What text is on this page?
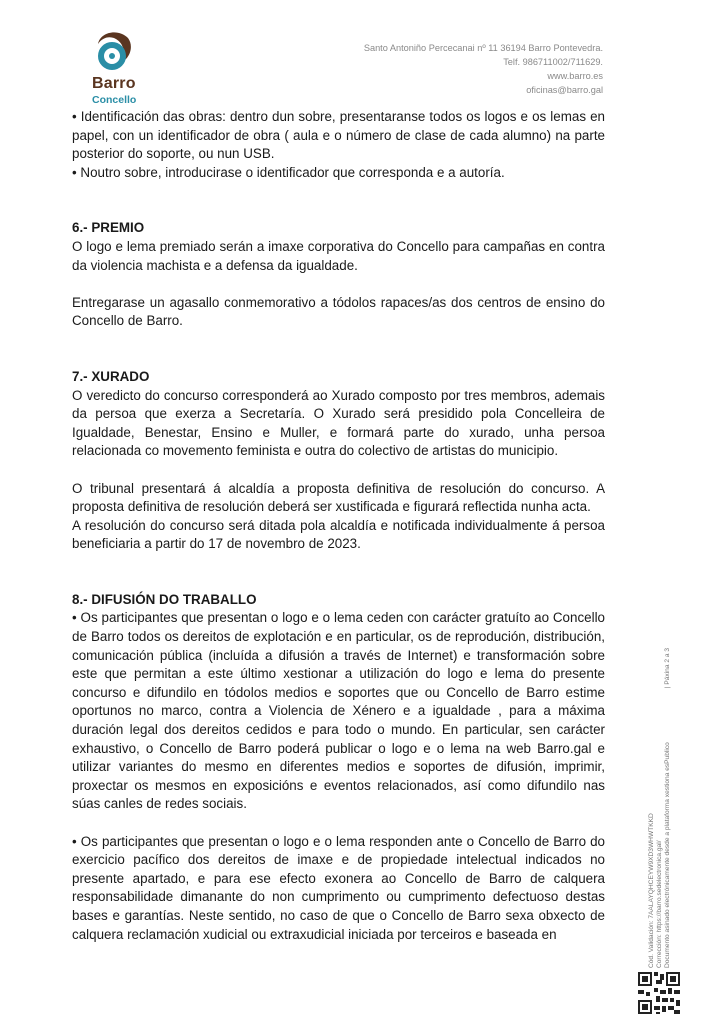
Barro
Concello
Santo Antoniño Percecanai nº 11 36194 Barro Pontevedra.
Telf. 986711002/711629.
www.barro.es
oficinas@barro.gal

• Identificación das obras: dentro dun sobre, presentaranse todos os logos e os lemas en papel, con un identificador de obra ( aula e o número de clase de cada alumno) na parte posterior do soporte, ou nun USB.

• Noutro sobre, introducirase o identificador que corresponda e a autoría.

6.- PREMIO

O logo e lema premiado serán a imaxe corporativa do Concello para campañas en contra da violencia machista e a defensa da igualdade.

Entregarase un agasallo conmemorativo a tódolos rapaces/as dos centros de ensino do Concello de Barro.

7.- XURADO

O veredicto do concurso corresponderá ao Xurado composto por tres membros, ademais da persoa que exerza a Secretaría. O Xurado será presidido pola Concelleira de Igualdade, Benestar, Ensino e Muller, e formará parte do xurado, unha persoa relacionada co movemento feminista e outra do colectivo de artistas do municipio.

O tribunal presentará á alcaldía a proposta definitiva de resolución do concurso. A proposta definitiva de resolución deberá ser xustificada e figurará reflectida nunha acta.

A resolución do concurso será ditada pola alcaldía e notificada individualmente á persoa beneficiaria a partir do 17 de novembro de 2023.

8.- DIFUSIÓN DO TRABALLO

• Os participantes que presentan o logo e o lema ceden con carácter gratuíto ao Concello de Barro todos os dereitos de explotación e en particular, os de reprodución, distribución, comunicación pública (incluída a difusión a través de Internet) e transformación sobre este que permitan a este último xestionar a utilización do logo e lema do presente concurso e difundilo en tódolos medios e soportes que ou Concello de Barro estime oportunos no marco, contra a Violencia de Xénero e a igualdade , para a máxima duración legal dos dereitos cedidos e para todo o mundo. En particular, sen carácter exhaustivo, o Concello de Barro poderá publicar o logo e o lema na web Barro.gal e utilizar variantes do mesmo en diferentes medios e soportes de difusión, imprimir, proxectar os mesmos en exposicións e eventos relacionados, así como difundilo nas súas canles de redes sociais.

• Os participantes que presentan o logo e o lema responden ante o Concello de Barro do exercicio pacífico dos dereitos de imaxe e de propiedade intelectual indicados no presente apartado, e para ese efecto exonera ao Concello de Barro de calquera responsabilidade dimanante do non cumprimento ou cumprimento defectuoso destas bases e garantías. Neste sentido, no caso de que o Concello de Barro sexa obxecto de calquera reclamación xudicial ou extraxudicial iniciada por terceiros e baseada en	Cód. Validación: 7AALAYQHCEYW9XD3WHWTKKD Corrección: https://barro.sedelectronica.gal/ Documento asinado electrónicamente desde a plataforma xestiona esPublico
| Páxina 2 a 3
